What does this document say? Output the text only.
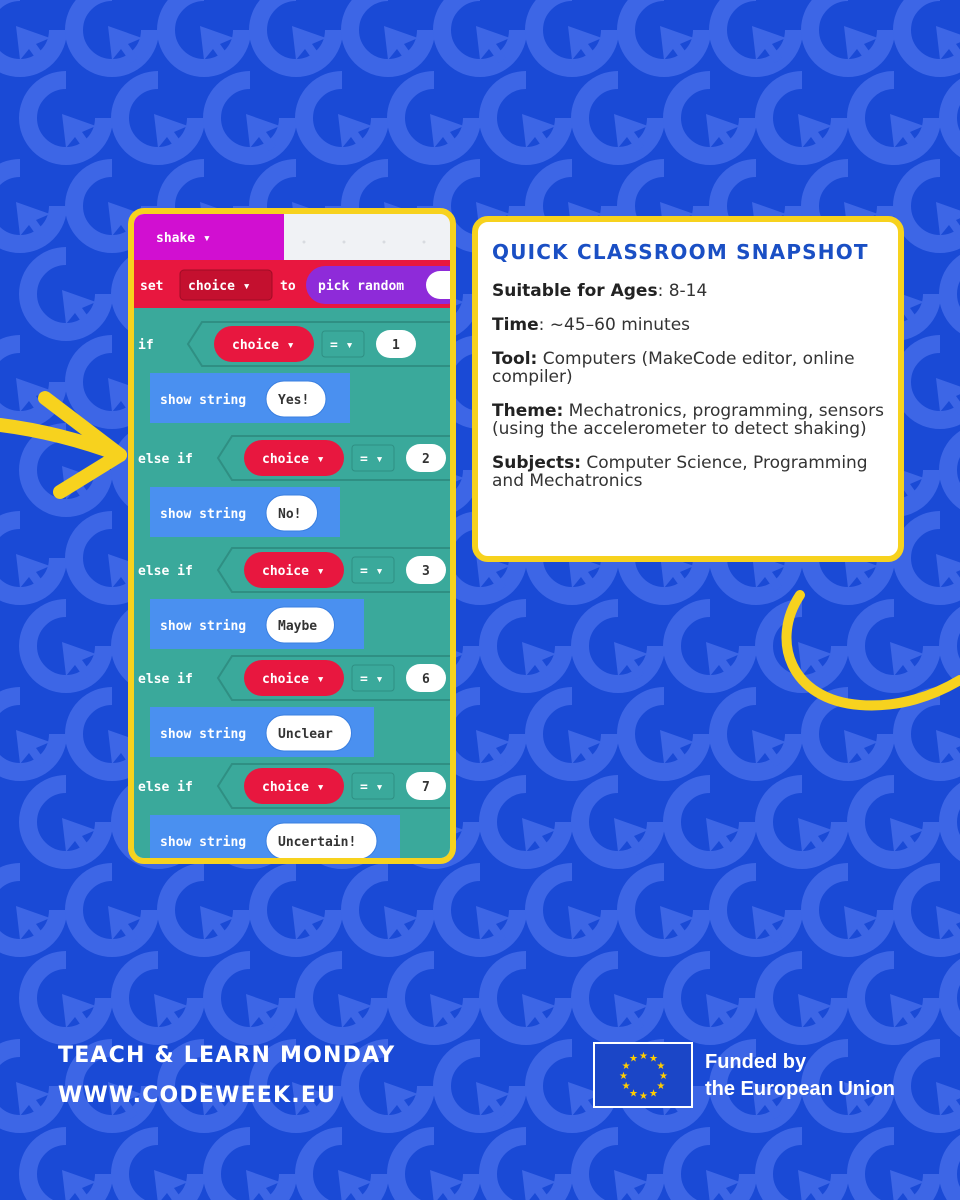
shake ▾
set choice ▾ to pick random
if	choice ▾	= ▾	1
show string Yes!
else if	choice ▾	= ▾	2
show string No!
else if	choice ▾	= ▾	3
show string Maybe
else if	choice ▾	= ▾	6
show string Unclear
else if	choice ▾	= ▾	7
show string Uncertain!
QUICK CLASSROOM SNAPSHOT
Suitable for Ages: 8-14
Time: ~45–60 minutes
Tool: Computers (MakeCode editor, online compiler)
Theme: Mechatronics, programming, sensors (using the accelerometer to detect shaking)
Subjects: Computer Science, Programming and Mechatronics
TEACH & LEARN MONDAY
WWW.CODEWEEK.EU
★
★
★
★
★
★
★
★
★ ★ ★
★ Funded by
the European Union
